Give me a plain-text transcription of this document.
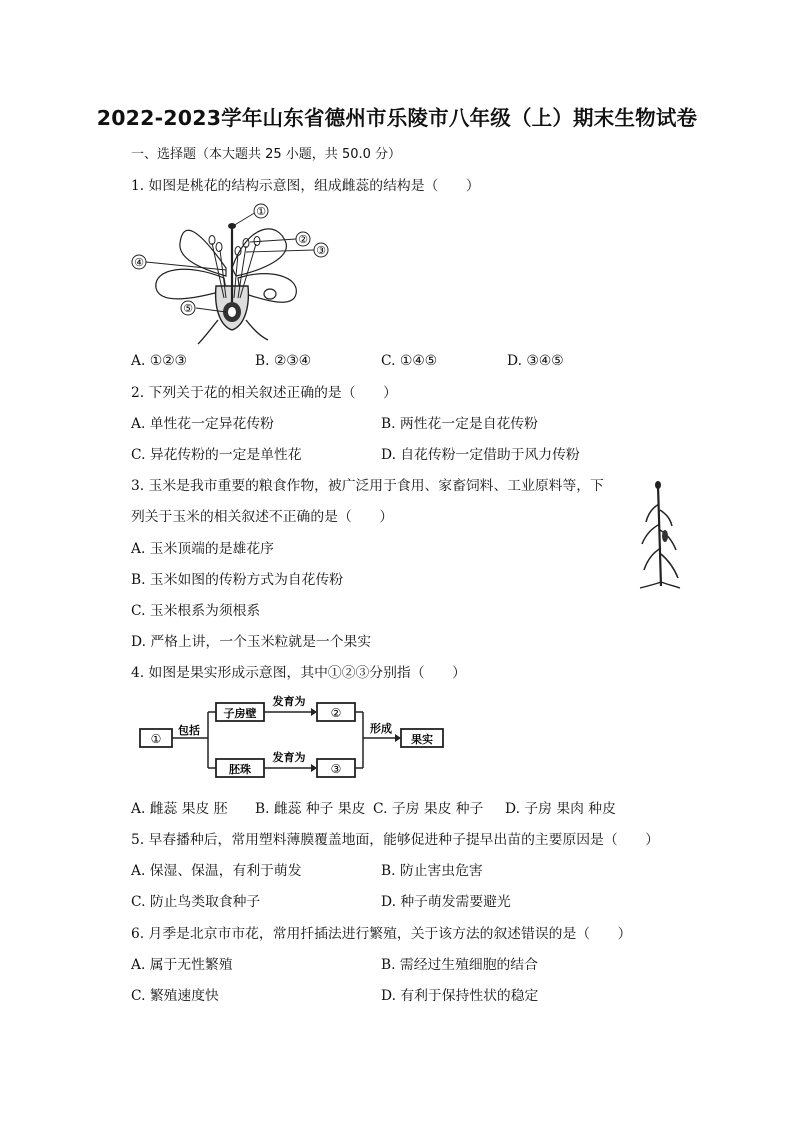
2022-2023学年山东省德州市乐陵市八年级（上）期末生物试卷
一、选择题（本大题共 25 小题，共 50.0 分）
1. 如图是桃花的结构示意图，组成雌蕊的结构是（　　）
①
②
③
④
⑤
A. ①②③	B. ②③④	C. ①④⑤	D. ③④⑤
2. 下列关于花的相关叙述正确的是（　　）
A. 单性花一定异花传粉	B. 两性花一定是自花传粉
C. 异花传粉的一定是单性花	D. 自花传粉一定借助于风力传粉
3. 玉米是我市重要的粮食作物，被广泛用于食用、家畜饲料、工业原料等，下
列关于玉米的相关叙述不正确的是（　　）
A. 玉米顶端的是雄花序
B. 玉米如图的传粉方式为自花传粉
C. 玉米根系为须根系
D. 严格上讲，一个玉米粒就是一个果实
4. 如图是果实形成示意图，其中①②③分别指（　　）
①
包括
子房壁
胚珠
发育为
发育为
②
③
形成
果实
A. 雌蕊 果皮 胚 B. 雌蕊 种子 果皮 C. 子房 果皮 种子 D. 子房 果肉 种皮
5. 早春播种后，常用塑料薄膜覆盖地面，能够促进种子提早出苗的主要原因是（　　）
A. 保湿、保温，有利于萌发	B. 防止害虫危害
C. 防止鸟类取食种子	D. 种子萌发需要避光
6. 月季是北京市市花，常用扦插法进行繁殖，关于该方法的叙述错误的是（　　）
A. 属于无性繁殖	B. 需经过生殖细胞的结合
C. 繁殖速度快	D. 有利于保持性状的稳定
